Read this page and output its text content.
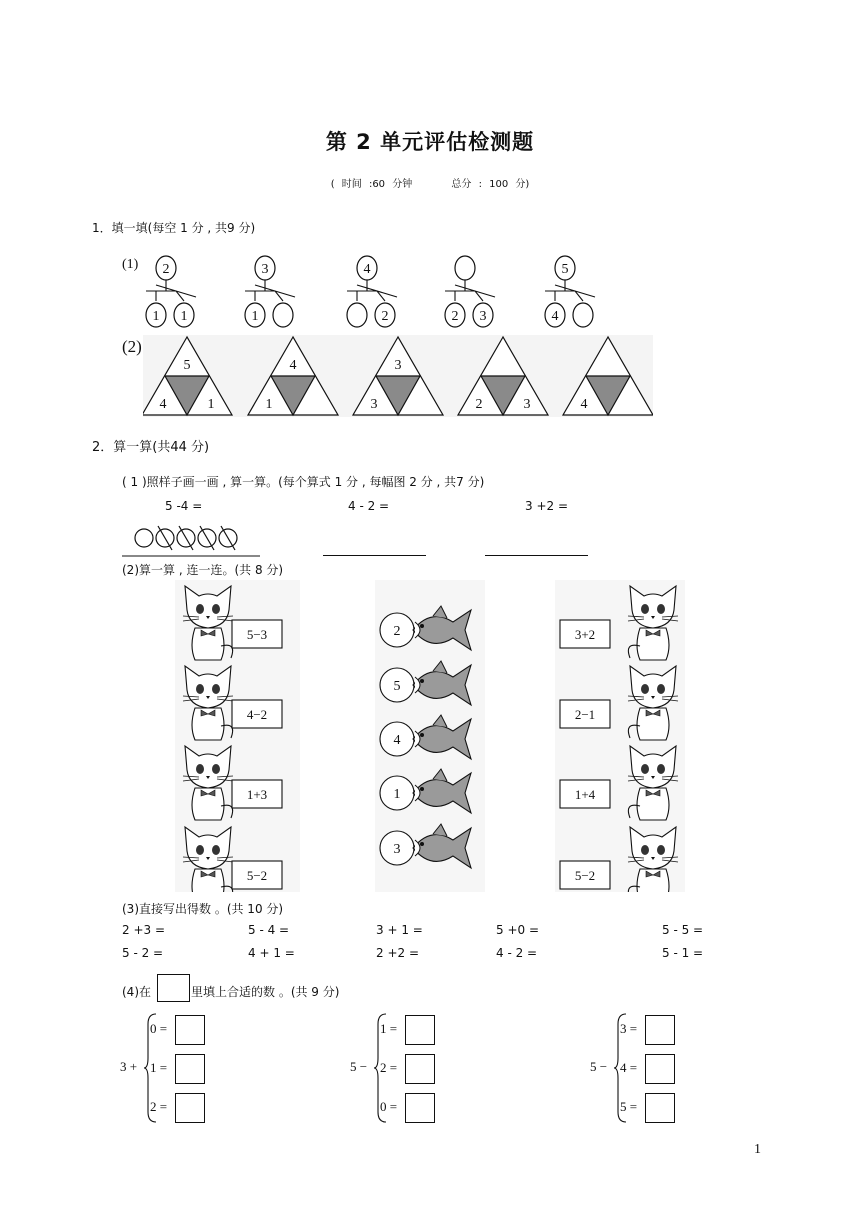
第 2 单元评估检测题
( 时间 :60 分钟	总分 : 100 分)
1．填一填(每空 1 分 , 共9 分)
(1) 2
1 1
3
1
4
2	2 3
5
4
(2)
5
4	1
4
1
3
3	2	3	4
2．算一算(共44 分)
( 1 )照样子画一画 , 算一算。(每个算式 1 分 , 每幅图 2 分 , 共7 分)
5 -4 =	4 - 2 =	3 +2 =
(2)算一算 , 连一连。(共 8 分)
5−3
4−2
1+3
5−2
2
5
4
1
3
3+2
2−1
1+4
5−2
(3)直接写出得数 。(共 10 分)
2 +3 =	5 - 4 =	3 + 1 =	5 +0 =	5 - 5 =
5 - 2 =	4 + 1 =	2 +2 =	4 - 2 =	5 - 1 =
(4)在	里填上合适的数 。(共 9 分)
3 +
0 =
1 =
2 =
5 −
1 =
2 =
0 =
5 −
3 =
4 =
5 =
1
